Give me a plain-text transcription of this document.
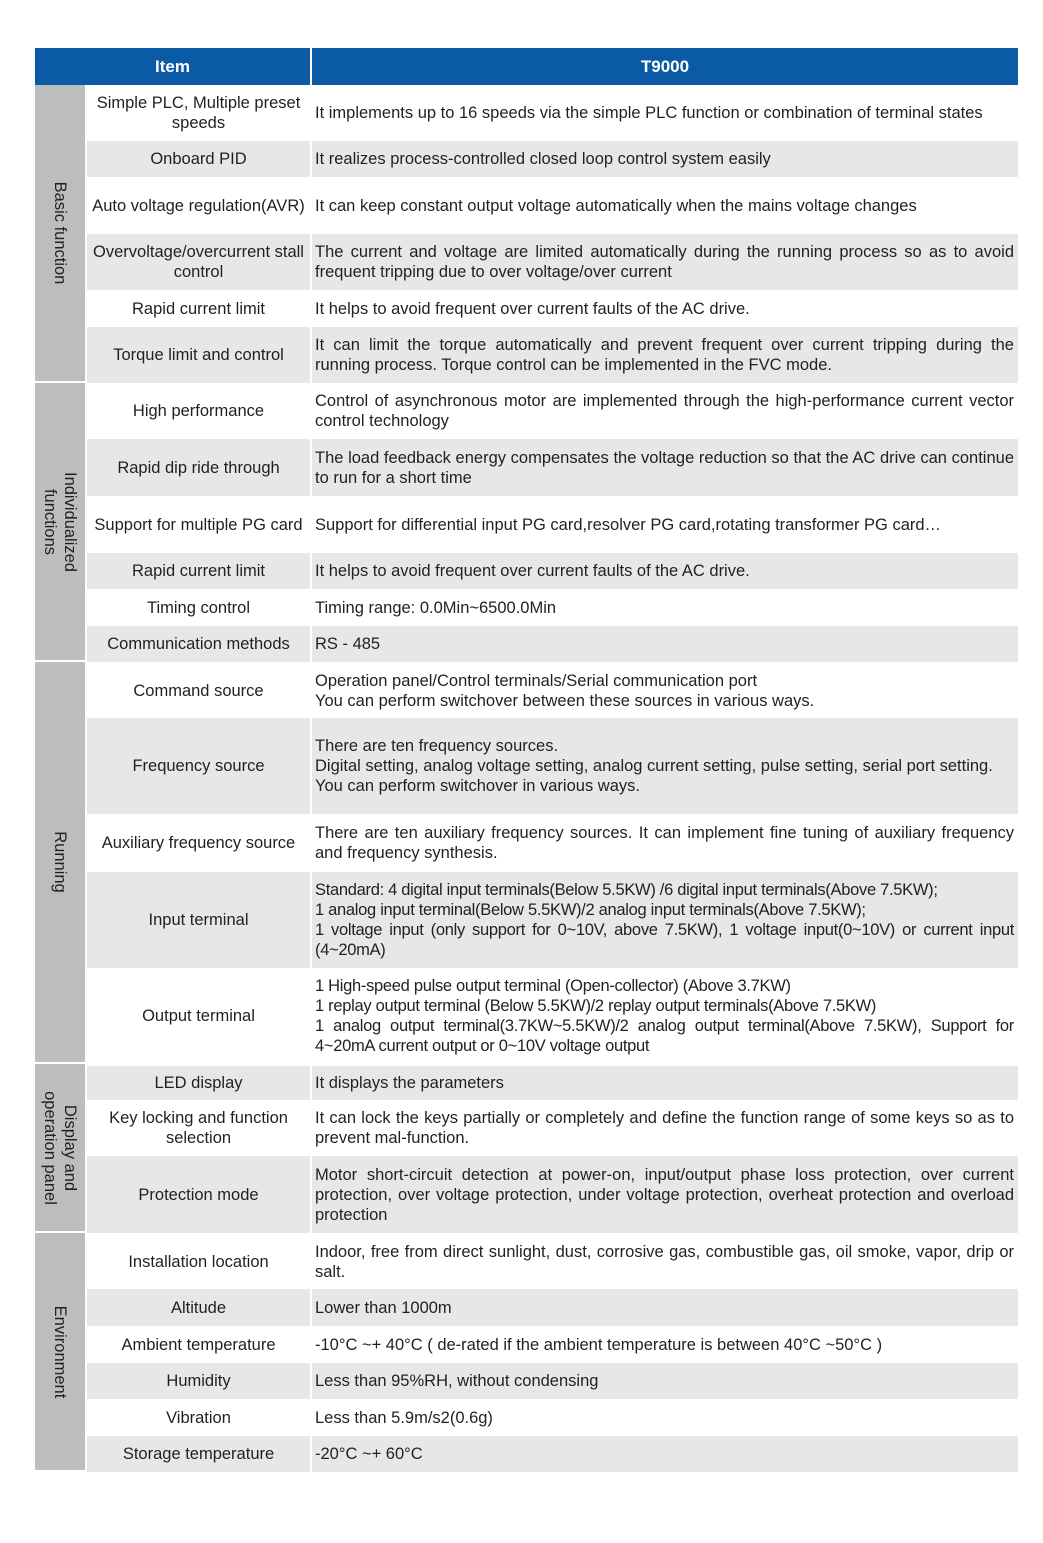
Item		T9000

Basic function	Simple PLC, Multiple preset speeds	It implements up to 16 speeds via the simple PLC function or combination of terminal states
	Onboard PID	It realizes process-controlled closed loop control system easily
	Auto voltage regulation(AVR)	It can keep constant output voltage automatically when the mains voltage changes
	Overvoltage/overcurrent stall control	The current and voltage are limited automatically during the running process so as to avoid frequent tripping due to over voltage/over current
	Rapid current limit	It helps to avoid frequent over current faults of the AC drive.
	Torque limit and control	It can limit the torque automatically and prevent frequent over current tripping during the running process. Torque control can be implemented in the FVC mode.

Individualized functions	High performance	Control of asynchronous motor are implemented through the high-performance current vector control technology
	Rapid dip ride through	The load feedback energy compensates the voltage reduction so that the AC drive can continue to run for a short time
	Support for multiple PG card	Support for differential input PG card,resolver PG card,rotating transformer PG card…
	Rapid current limit	It helps to avoid frequent over current faults of the AC drive.
	Timing control	Timing range: 0.0Min~6500.0Min
	Communication methods	RS - 485

Running	Command source	Operation panel/Control terminals/Serial communication port
You can perform switchover between these sources in various ways.

	Frequency source	There are ten frequency sources.
Digital setting, analog voltage setting, analog current setting, pulse setting, serial port setting.
You can perform switchover in various ways.

	Auxiliary frequency source	There are ten auxiliary frequency sources. It can implement fine tuning of auxiliary frequency and frequency synthesis.
	Input terminal	Standard: 4 digital input terminals(Below 5.5KW) /6 digital input terminals(Above 7.5KW);
1 analog input terminal(Below 5.5KW)/2 analog input terminals(Above 7.5KW);
1 voltage input (only support for 0~10V, above 7.5KW), 1 voltage input(0~10V) or current input (4~20mA)

	Output terminal	1 High-speed pulse output terminal (Open-collector) (Above 3.7KW)
1 replay output terminal (Below 5.5KW)/2 replay output terminals(Above 7.5KW)
1 analog output terminal(3.7KW~5.5KW)/2 analog output terminal(Above 7.5KW), Support for 4~20mA current output or 0~10V voltage output

Display and operation panel	LED display	It displays the parameters
	Key locking and function selection	It can lock the keys partially or completely and define the function range of some keys so as to prevent mal-function.
	Protection mode	Motor short-circuit detection at power-on, input/output phase loss protection, over current protection, over voltage protection, under voltage protection, overheat protection and overload protection

Environment	Installation location	Indoor, free from direct sunlight, dust, corrosive gas, combustible gas, oil smoke, vapor, drip or salt.
	Altitude	Lower than 1000m
	Ambient temperature	-10°C ~+ 40°C ( de-rated if the ambient temperature is between 40°C ~50°C )
	Humidity	Less than 95%RH, without condensing
	Vibration	Less than 5.9m/s2(0.6g)
	Storage temperature	-20°C ~+ 60°C
